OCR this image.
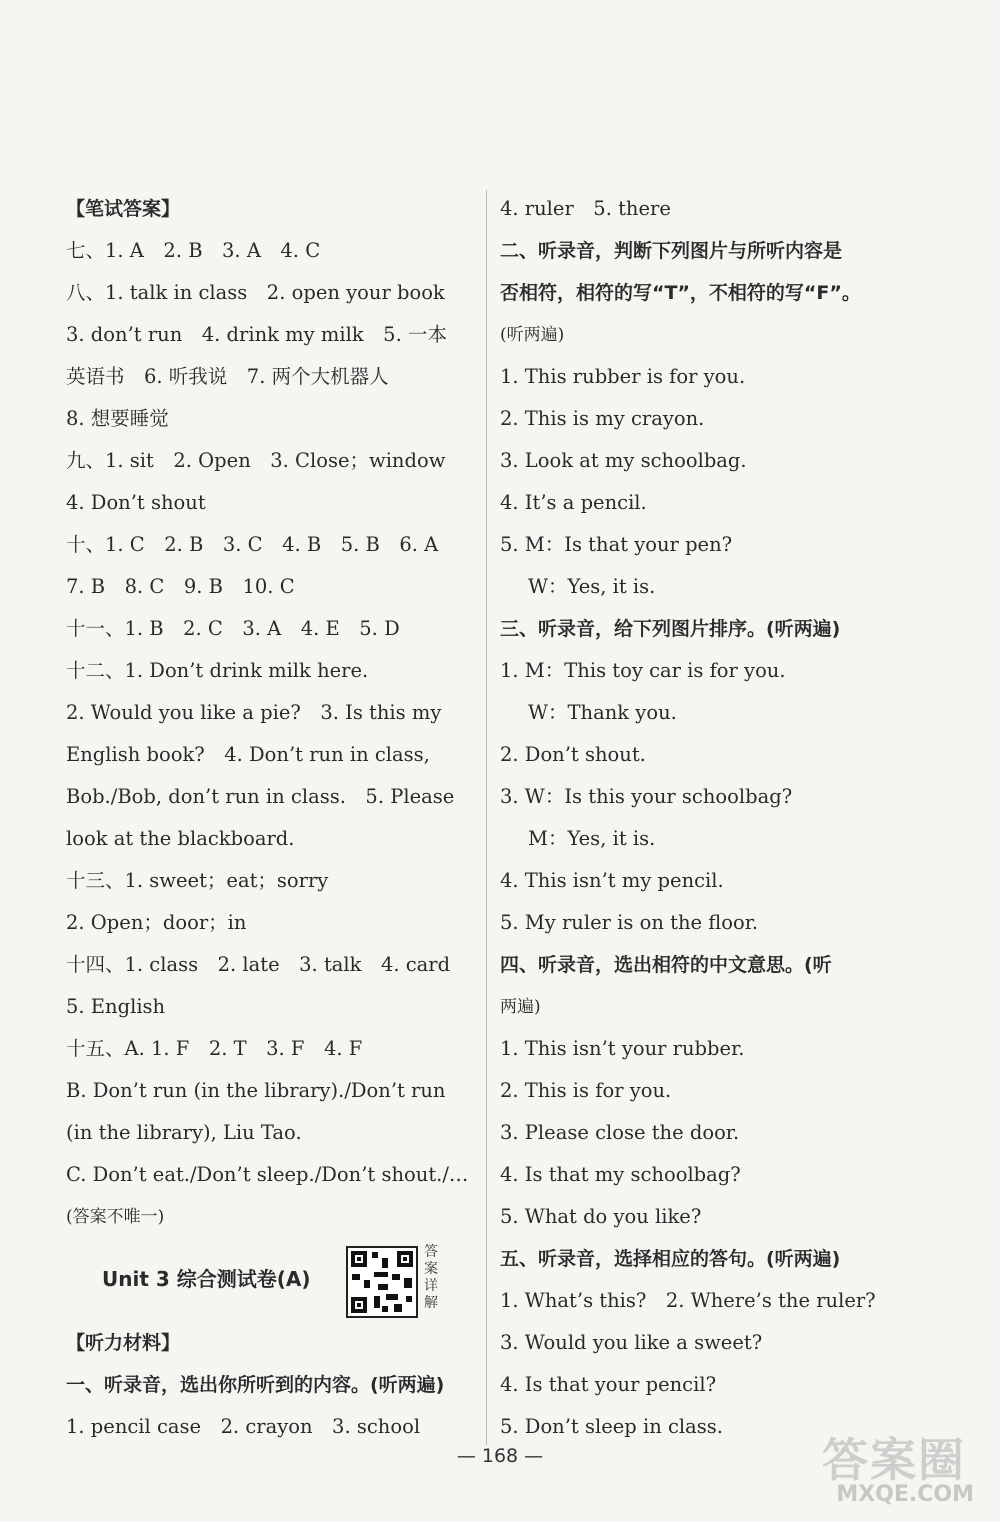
【笔试答案】
七、1. A　2. B　3. A　4. C
八、1. talk in class　2. open your book
3. don’t run　4. drink my milk　5. 一本
英语书　6. 听我说　7. 两个大机器人
8. 想要睡觉
九、1. sit　2. Open　3. Close；window
4. Don’t shout
十、1. C　2. B　3. C　4. B　5. B　6. A
7. B　8. C　9. B　10. C
十一、1. B　2. C　3. A　4. E　5. D
十二、1. Don’t drink milk here.
2. Would you like a pie?　3. Is this my
English book?　4. Don’t run in class,
Bob./Bob, don’t run in class.　5. Please
look at the blackboard.
十三、1. sweet；eat；sorry
2. Open；door；in
十四、1. class　2. late　3. talk　4. card
5. English
十五、A. 1. F　2. T　3. F　4. F
B. Don’t run (in the library)./Don’t run
(in the library), Liu Tao.
C. Don’t eat./Don’t sleep./Don’t shout./…
(答案不唯一)
Unit 3 综合测试卷(A)
答案详解
【听力材料】
一、听录音，选出你所听到的内容。(听两遍)
1. pencil case　2. crayon　3. school
4. ruler　5. there
二、听录音，判断下列图片与所听内容是
否相符，相符的写“T”，不相符的写“F”。
(听两遍)
1. This rubber is for you.
2. This is my crayon.
3. Look at my schoolbag.
4. It’s a pencil.
5. M：Is that your pen?
W：Yes, it is.
三、听录音，给下列图片排序。(听两遍)
1. M：This toy car is for you.
W：Thank you.
2. Don’t shout.
3. W：Is this your schoolbag?
M：Yes, it is.
4. This isn’t my pencil.
5. My ruler is on the floor.
四、听录音，选出相符的中文意思。(听
两遍)
1. This isn’t your rubber.
2. This is for you.
3. Please close the door.
4. Is that my schoolbag?
5. What do you like?
五、听录音，选择相应的答句。(听两遍)
1. What’s this?　2. Where’s the ruler?
3. Would you like a sweet?
4. Is that your pencil?
5. Don’t sleep in class.
— 168 —	答案圈
MXQE.COM
